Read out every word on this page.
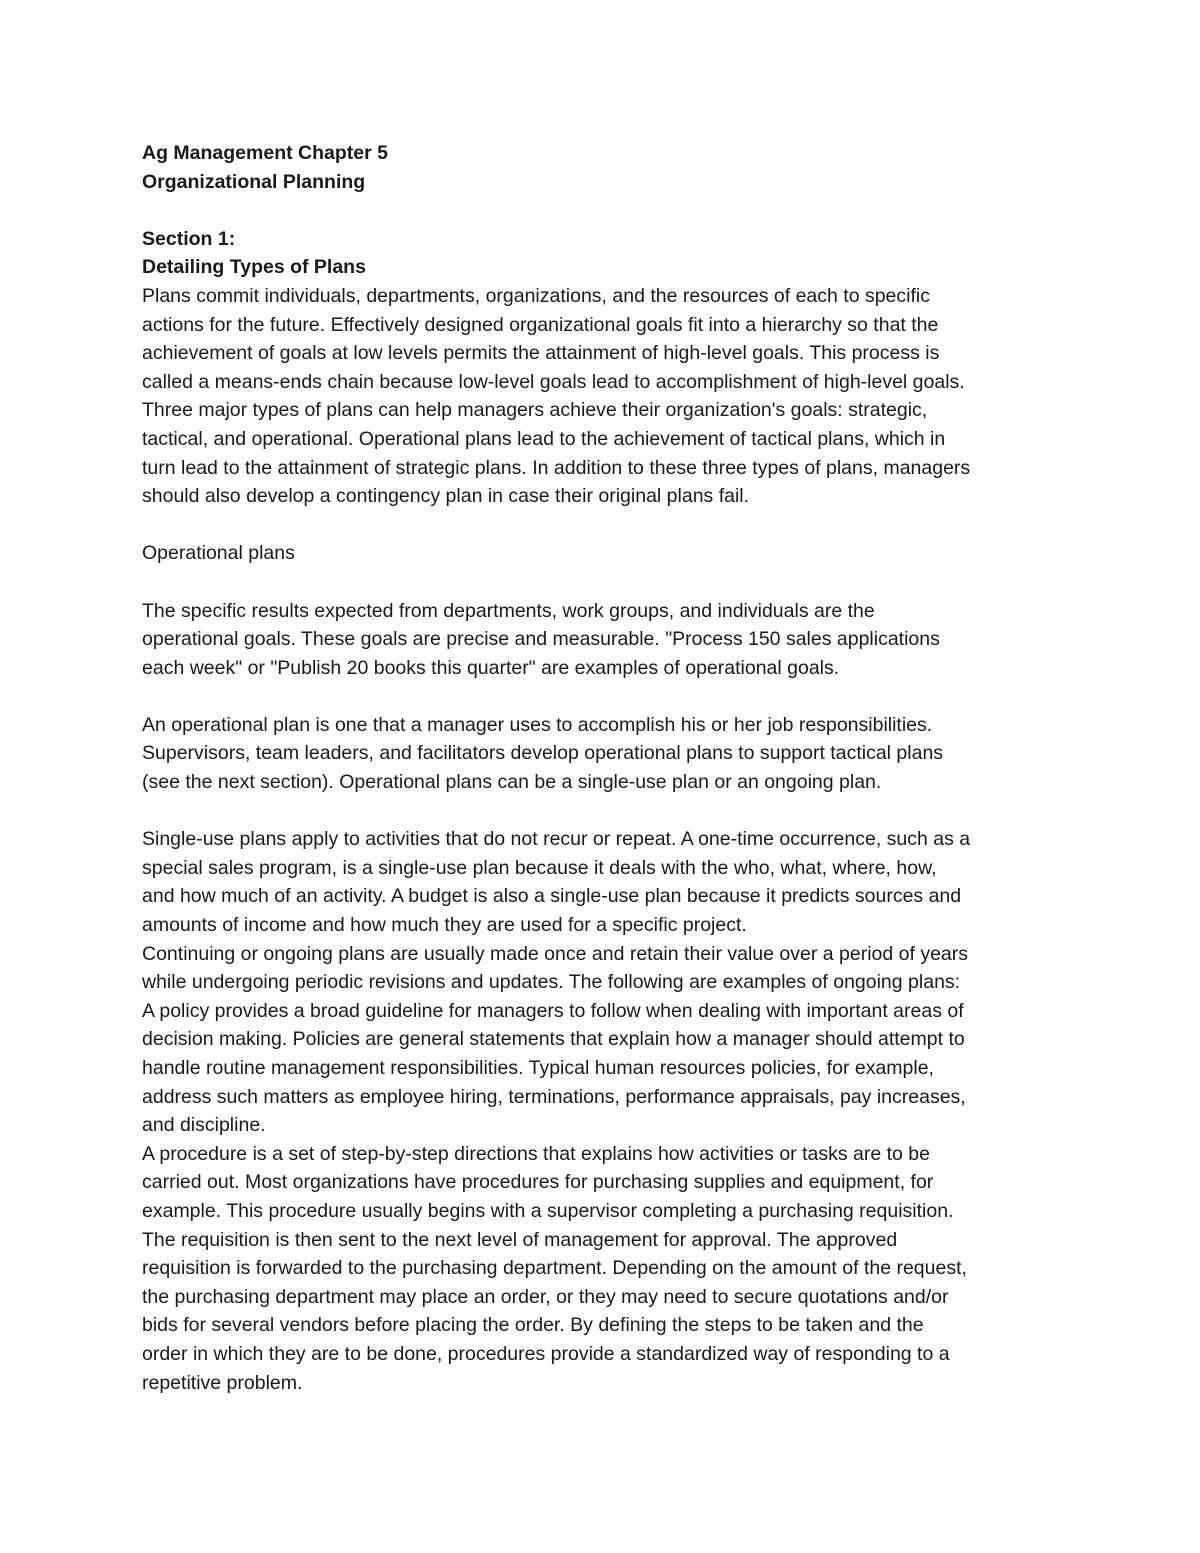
Ag Management Chapter 5
Organizational Planning
Section 1:
Detailing Types of Plans
Plans commit individuals, departments, organizations, and the resources of each to specific
actions for the future. Effectively designed organizational goals fit into a hierarchy so that the
achievement of goals at low levels permits the attainment of high-level goals. This process is
called a means-ends chain because low-level goals lead to accomplishment of high-level goals.
Three major types of plans can help managers achieve their organization's goals: strategic,
tactical, and operational. Operational plans lead to the achievement of tactical plans, which in
turn lead to the attainment of strategic plans. In addition to these three types of plans, managers
should also develop a contingency plan in case their original plans fail.
Operational plans
The specific results expected from departments, work groups, and individuals are the
operational goals. These goals are precise and measurable. "Process 150 sales applications
each week" or "Publish 20 books this quarter" are examples of operational goals.
An operational plan is one that a manager uses to accomplish his or her job responsibilities.
Supervisors, team leaders, and facilitators develop operational plans to support tactical plans
(see the next section). Operational plans can be a single-use plan or an ongoing plan.
Single-use plans apply to activities that do not recur or repeat. A one-time occurrence, such as a
special sales program, is a single-use plan because it deals with the who, what, where, how,
and how much of an activity. A budget is also a single-use plan because it predicts sources and
amounts of income and how much they are used for a specific project.
Continuing or ongoing plans are usually made once and retain their value over a period of years
while undergoing periodic revisions and updates. The following are examples of ongoing plans:
A policy provides a broad guideline for managers to follow when dealing with important areas of
decision making. Policies are general statements that explain how a manager should attempt to
handle routine management responsibilities. Typical human resources policies, for example,
address such matters as employee hiring, terminations, performance appraisals, pay increases,
and discipline.
A procedure is a set of step-by-step directions that explains how activities or tasks are to be
carried out. Most organizations have procedures for purchasing supplies and equipment, for
example. This procedure usually begins with a supervisor completing a purchasing requisition.
The requisition is then sent to the next level of management for approval. The approved
requisition is forwarded to the purchasing department. Depending on the amount of the request,
the purchasing department may place an order, or they may need to secure quotations and/or
bids for several vendors before placing the order. By defining the steps to be taken and the
order in which they are to be done, procedures provide a standardized way of responding to a
repetitive problem.
